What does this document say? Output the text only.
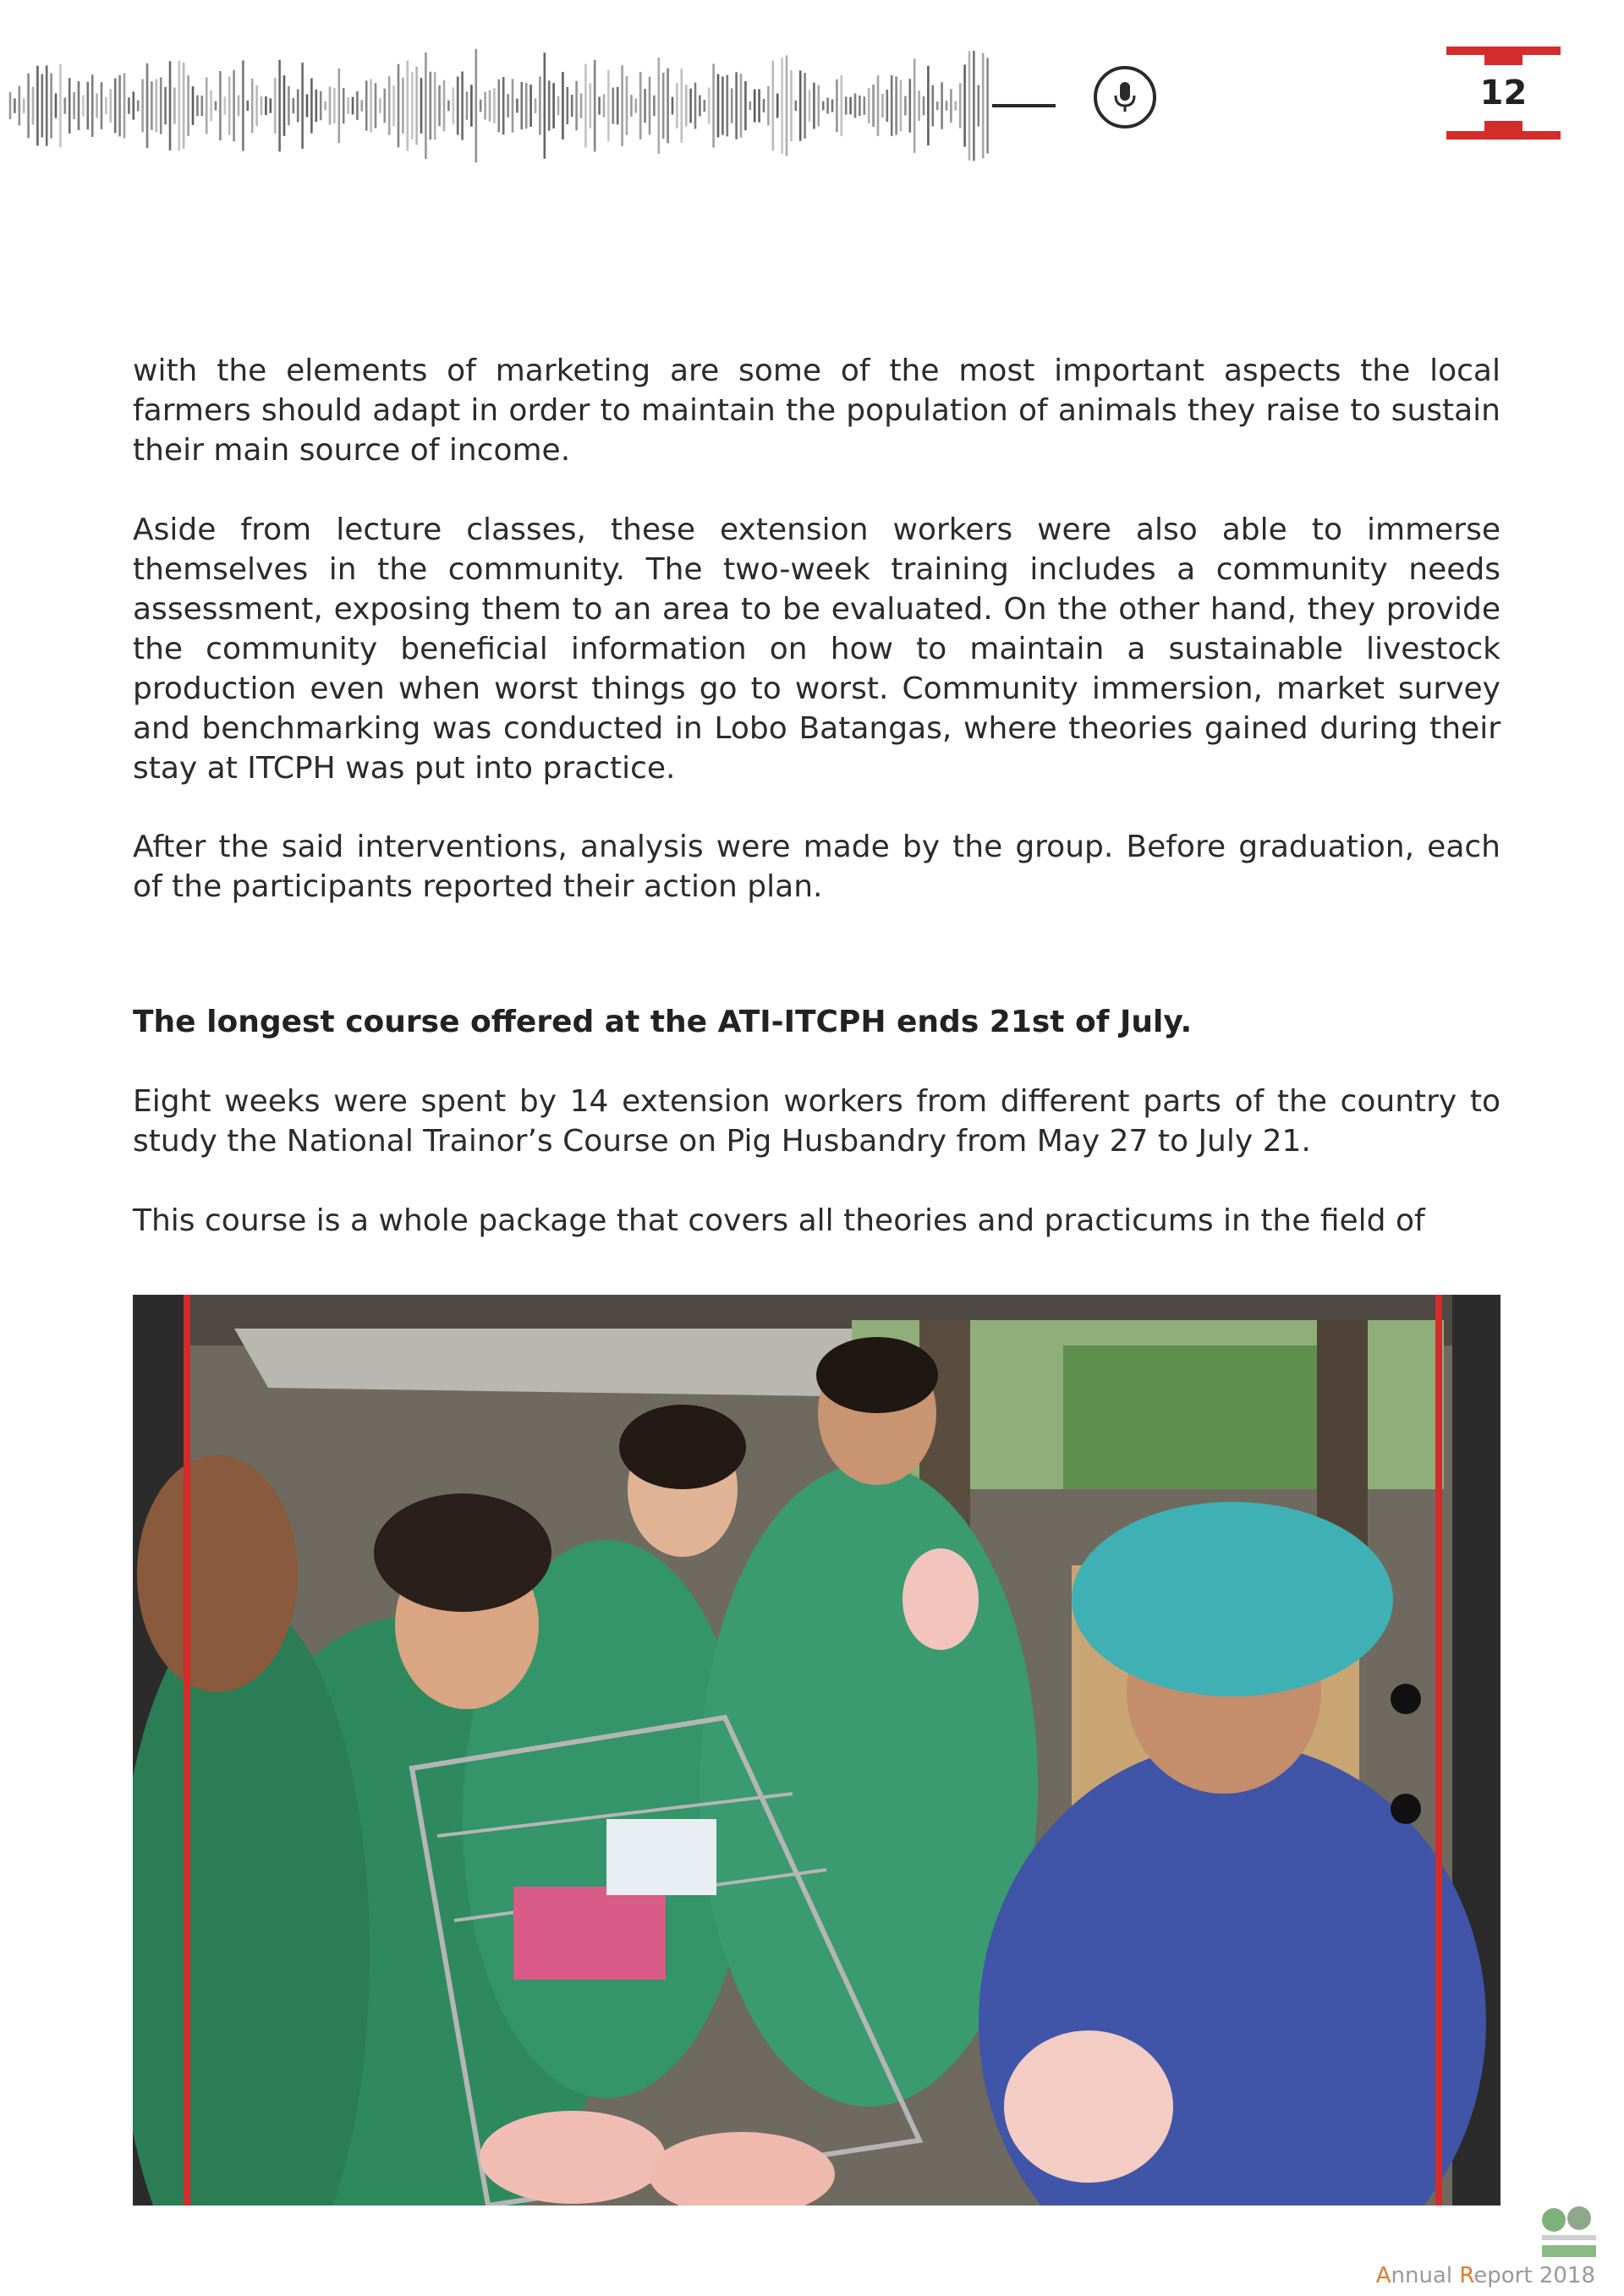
12

with the elements of marketing are some of the most important aspects the local farmers should adapt in order to maintain the population of animals they raise to sustain their main source of income.

Aside from lecture classes, these extension workers were also able to immerse themselves in the community. The two-week training includes a community needs assessment, exposing them to an area to be evaluated. On the other hand, they provide the community beneficial information on how to maintain a sustainable livestock production even when worst things go to worst. Community immersion, market survey and benchmarking was conducted in Lobo Batangas, where theories gained during their stay at ITCPH was put into practice.

After the said interventions, analysis were made by the group. Before graduation, each of the participants reported their action plan.

The longest course offered at the ATI-ITCPH ends 21st of July.

Eight weeks were spent by 14 extension workers from different parts of the country to study the National Trainor’s Course on Pig Husbandry from May 27 to July 21.

This course is a whole package that covers all theories and practicums in the field of

Annual Report 2018
